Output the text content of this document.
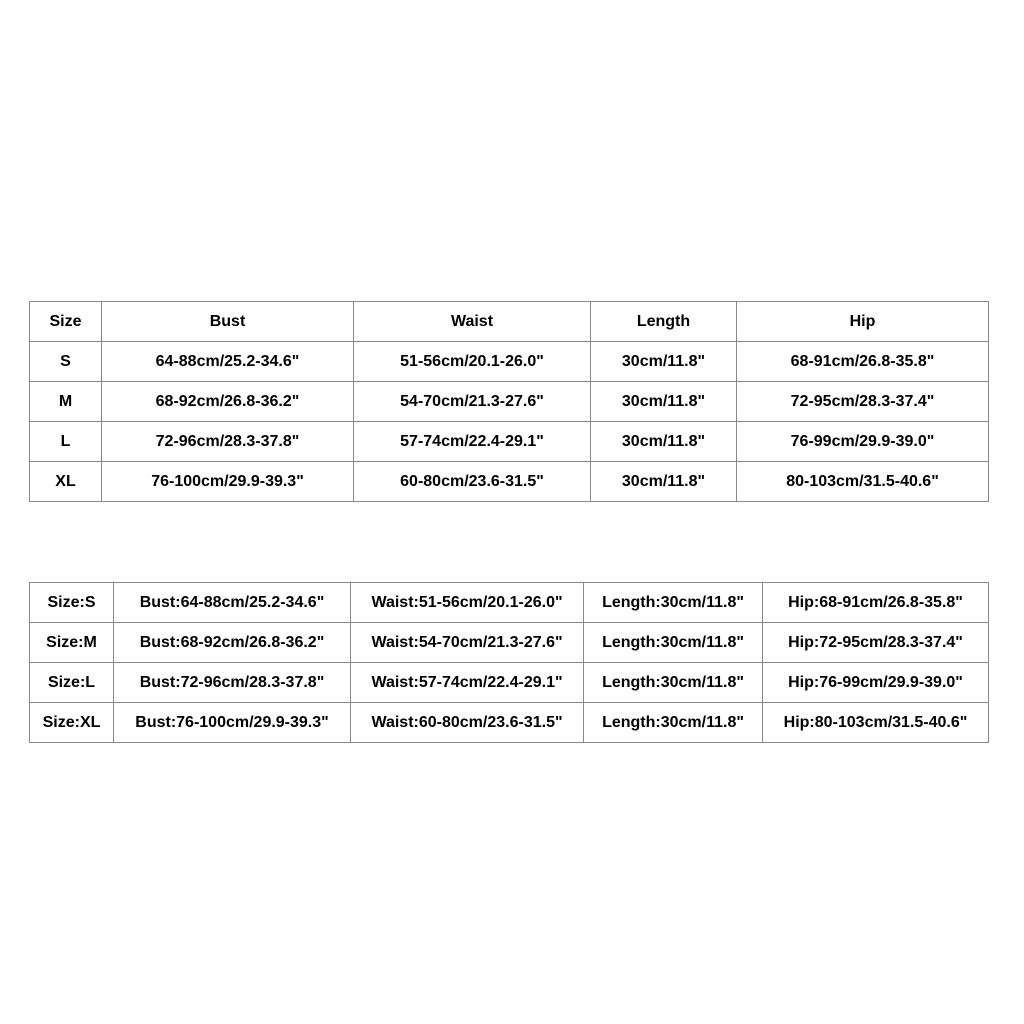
Size	Bust	Waist	Length	Hip
S	64-88cm/25.2-34.6"	51-56cm/20.1-26.0"	30cm/11.8"	68-91cm/26.8-35.8"
M	68-92cm/26.8-36.2"	54-70cm/21.3-27.6"	30cm/11.8"	72-95cm/28.3-37.4"
L	72-96cm/28.3-37.8"	57-74cm/22.4-29.1"	30cm/11.8"	76-99cm/29.9-39.0"
XL	76-100cm/29.9-39.3"	60-80cm/23.6-31.5"	30cm/11.8"	80-103cm/31.5-40.6"
Size:S	Bust:64-88cm/25.2-34.6"	Waist:51-56cm/20.1-26.0"	Length:30cm/11.8"	Hip:68-91cm/26.8-35.8"
Size:M	Bust:68-92cm/26.8-36.2"	Waist:54-70cm/21.3-27.6"	Length:30cm/11.8"	Hip:72-95cm/28.3-37.4"
Size:L	Bust:72-96cm/28.3-37.8"	Waist:57-74cm/22.4-29.1"	Length:30cm/11.8"	Hip:76-99cm/29.9-39.0"
Size:XL	Bust:76-100cm/29.9-39.3"	Waist:60-80cm/23.6-31.5"	Length:30cm/11.8"	Hip:80-103cm/31.5-40.6"
